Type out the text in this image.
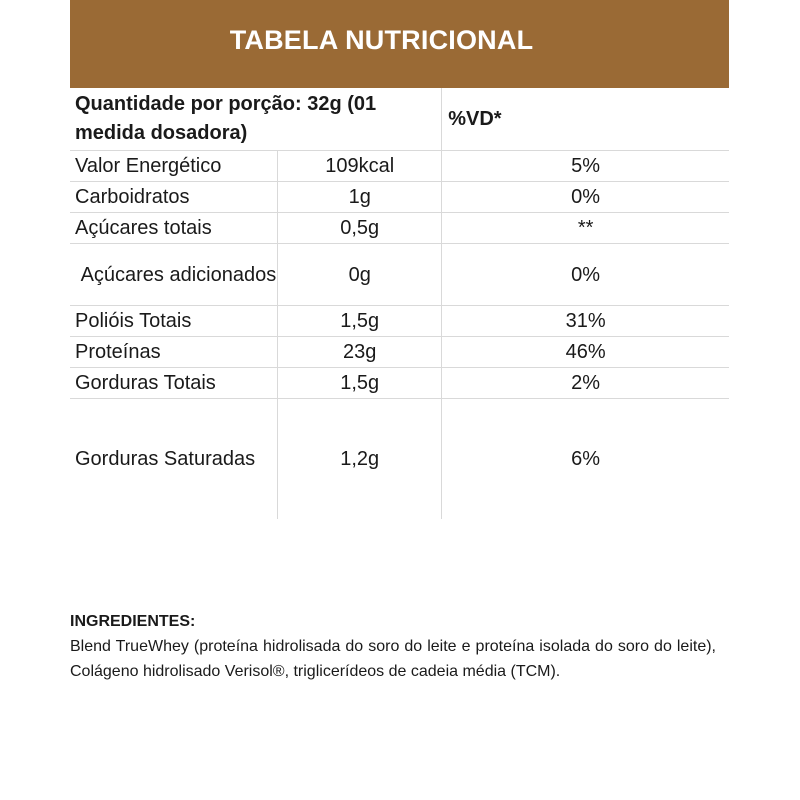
TABELA NUTRICIONAL
Quantidade por porção: 32g (01 medida dosadora)		%VD*
Valor Energético	109kcal	5%
Carboidratos	1g	0%
Açúcares totais	0,5g	**
Açúcares adicionados	0g	0%
Polióis Totais	1,5g	31%
Proteínas	23g	46%
Gorduras Totais	1,5g	2%
Gorduras Saturadas	1,2g	6%
INGREDIENTES:
Blend TrueWhey (proteína hidrolisada do soro do leite e proteína isolada do soro do leite), Colágeno hidrolisado Verisol®, triglicerídeos de cadeia média (TCM).
